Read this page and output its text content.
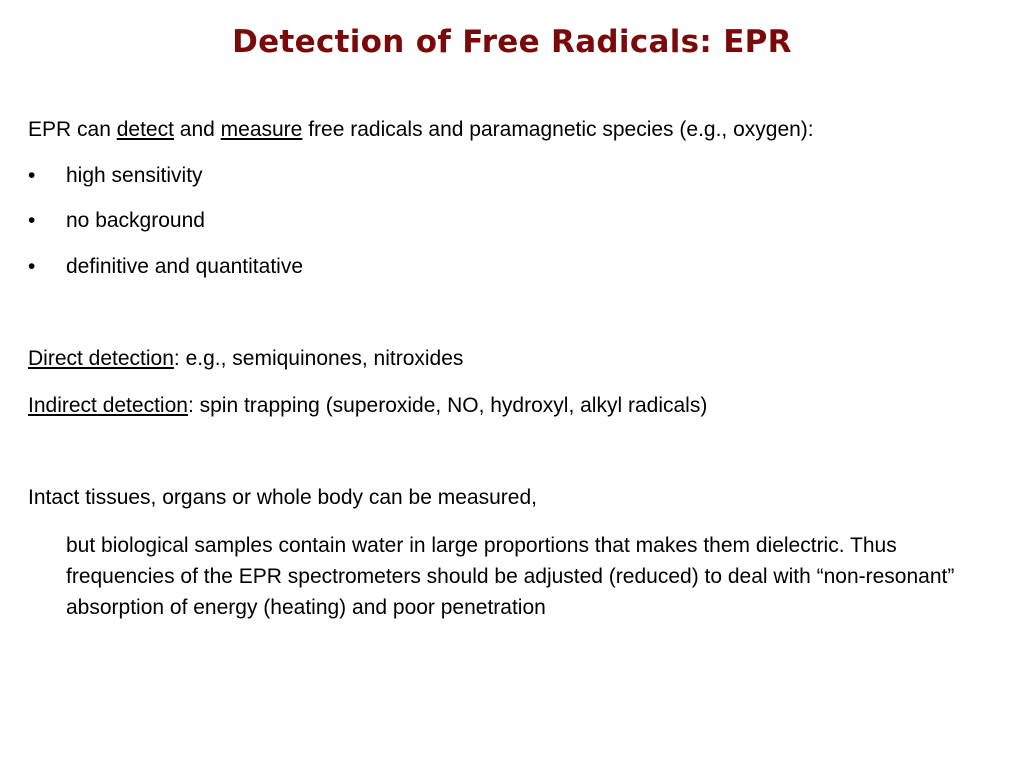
Detection of Free Radicals: EPR
EPR can detect and measure free radicals and paramagnetic species (e.g., oxygen):
• high sensitivity
• no background
• definitive and quantitative
Direct detection: e.g., semiquinones, nitroxides
Indirect detection: spin trapping (superoxide, NO, hydroxyl, alkyl radicals)
Intact tissues, organs or whole body can be measured,
but biological samples contain water in large proportions that makes them dielectric. Thus frequencies of the EPR spectrometers should be adjusted (reduced) to deal with “non-resonant” absorption of energy (heating) and poor penetration
